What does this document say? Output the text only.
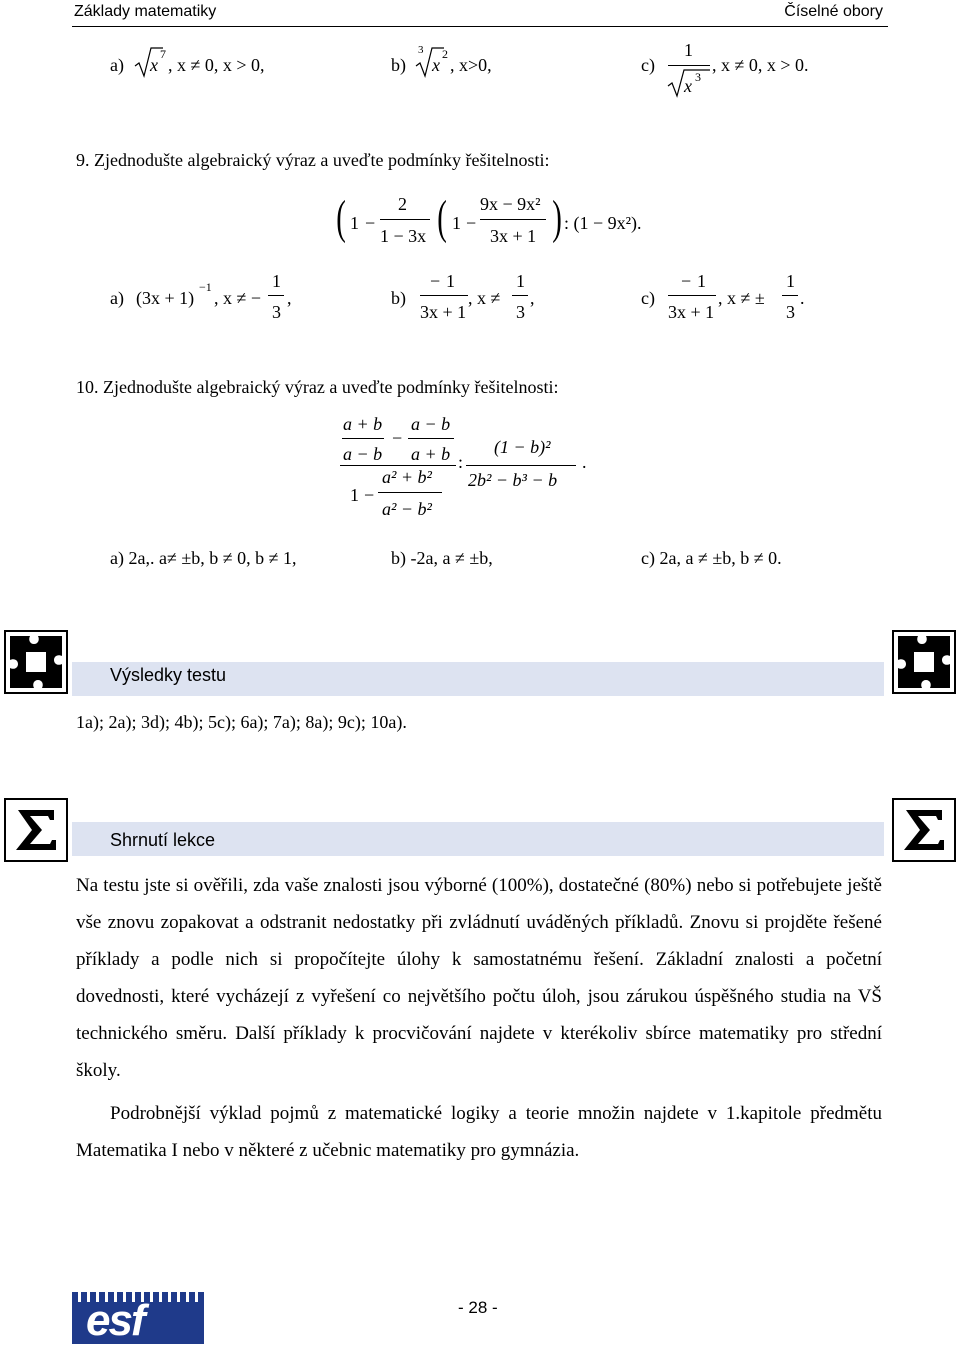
Základy matematiky	Číselné obory
a) x
7
, x ≠ 0, x > 0,	b)
3
x
2
, x>0,	c)
1
x 3
, x ≠ 0, x > 0.
9. Zjednodušte algebraický výraz a uveďte podmínky řešitelnosti:
( 1 −
2
1 − 3x ( 1 −
9x − 9x²
3x + 1 ) : (1 − 9x²).
a) (3x + 1)
−1
, x ≠ −
1
3
,	b)
− 1
3x + 1
, x ≠
1
3
,	c)
− 1
3x + 1
, x ≠ ±
1
3
.
10. Zjednodušte algebraický výraz a uveďte podmínky řešitelnosti:
a + b
a − b
−
a − b
a + b
1 −
a² + b²
a² − b²
:
(1 − b)²
2b² − b³ − b
.
a) 2a,. a≠ ±b, b ≠ 0, b ≠ 1,	b) -2a, a ≠ ±b,	c) 2a, a ≠ ±b, b ≠ 0.
Výsledky testu
1a); 2a); 3d); 4b); 5c); 6a); 7a); 8a); 9c); 10a).
Shrnutí lekce

Na testu jste si ověřili, zda vaše znalosti jsou výborné (100%), dostatečné (80%) nebo si potřebujete ještě vše znovu zopakovat a odstranit nedostatky při zvládnutí uváděných příkladů. Znovu si projděte řešené příklady a podle nich si propočítejte úlohy k samostatnému řešení. Základní znalosti a početní dovednosti, které vycházejí z vyřešení co největšího počtu úloh, jsou zárukou úspěšného studia na VŠ technického směru. Další příklady k procvičování najdete v kterékoliv sbírce matematiky pro střední školy.

Podrobnější výklad pojmů z matematické logiky a teorie množin najdete v 1.kapitole předmětu Matematika I nebo v některé z učebnic matematiky pro gymnázia.

esf	- 28 -
